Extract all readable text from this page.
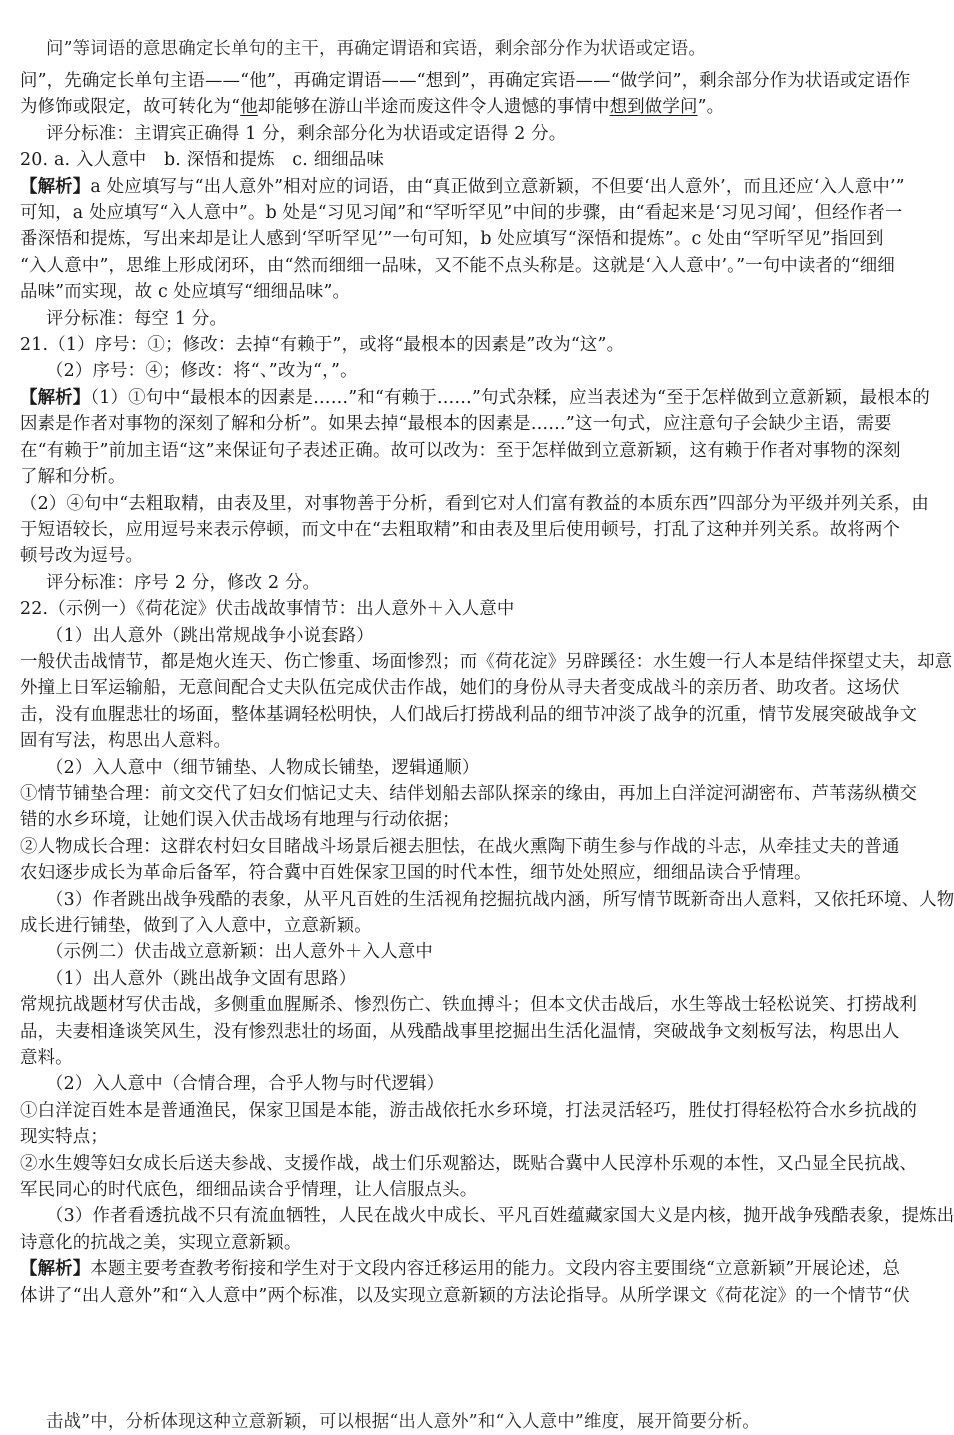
问”等词语的意思确定长单句的主干，再确定谓语和宾语，剩余部分作为状语或定语。
问”，先确定长单句主语——“他”，再确定谓语——“想到”，再确定宾语——“做学问”，剩余部分作为状语或定语作
为修饰或限定，故可转化为“他却能够在游山半途而废这件令人遗憾的事情中想到做学问”。
评分标准：主谓宾正确得 1 分，剩余部分化为状语或定语得 2 分。
20. a. 入人意中　b. 深悟和提炼　c. 细细品味
【解析】a 处应填写与“出人意外”相对应的词语，由“真正做到立意新颖，不但要‘出人意外’，而且还应‘入人意中’”
可知，a 处应填写“入人意中”。b 处是“习见习闻”和“罕听罕见”中间的步骤，由“看起来是‘习见习闻’，但经作者一
番深悟和提炼，写出来却是让人感到‘罕听罕见’”一句可知，b 处应填写“深悟和提炼”。c 处由“罕听罕见”指回到
“入人意中”，思维上形成闭环，由“然而细细一品味，又不能不点头称是。这就是‘入人意中’。”一句中读者的“细细
品味”而实现，故 c 处应填写“细细品味”。
评分标准：每空 1 分。
21.（1）序号：①；修改：去掉“有赖于”，或将“最根本的因素是”改为“这”。
（2）序号：④；修改：将“、”改为“，”。
【解析】（1）①句中“最根本的因素是……”和“有赖于……”句式杂糅，应当表述为“至于怎样做到立意新颖，最根本的
因素是作者对事物的深刻了解和分析”。如果去掉“最根本的因素是……”这一句式，应注意句子会缺少主语，需要
在“有赖于”前加主语“这”来保证句子表述正确。故可以改为：至于怎样做到立意新颖，这有赖于作者对事物的深刻
了解和分析。
（2）④句中“去粗取精，由表及里，对事物善于分析，看到它对人们富有教益的本质东西”四部分为平级并列关系，由
于短语较长，应用逗号来表示停顿，而文中在“去粗取精”和由表及里后使用顿号，打乱了这种并列关系。故将两个
顿号改为逗号。
评分标准：序号 2 分，修改 2 分。
22.（示例一）《荷花淀》伏击战故事情节：出人意外＋入人意中
（1）出人意外（跳出常规战争小说套路）
一般伏击战情节，都是炮火连天、伤亡惨重、场面惨烈；而《荷花淀》另辟蹊径：水生嫂一行人本是结伴探望丈夫，却意
外撞上日军运输船，无意间配合丈夫队伍完成伏击作战，她们的身份从寻夫者变成战斗的亲历者、助攻者。这场伏
击，没有血腥悲壮的场面，整体基调轻松明快，人们战后打捞战利品的细节冲淡了战争的沉重，情节发展突破战争文
固有写法，构思出人意料。
（2）入人意中（细节铺垫、人物成长铺垫，逻辑通顺）
①情节铺垫合理：前文交代了妇女们惦记丈夫、结伴划船去部队探亲的缘由，再加上白洋淀河湖密布、芦苇荡纵横交
错的水乡环境，让她们误入伏击战场有地理与行动依据；
②人物成长合理：这群农村妇女目睹战斗场景后褪去胆怯，在战火熏陶下萌生参与作战的斗志，从牵挂丈夫的普通
农妇逐步成长为革命后备军，符合冀中百姓保家卫国的时代本性，细节处处照应，细细品读合乎情理。
（3）作者跳出战争残酷的表象，从平凡百姓的生活视角挖掘抗战内涵，所写情节既新奇出人意料，又依托环境、人物
成长进行铺垫，做到了入人意中，立意新颖。
（示例二）伏击战立意新颖：出人意外＋入人意中
（1）出人意外（跳出战争文固有思路）
常规抗战题材写伏击战，多侧重血腥厮杀、惨烈伤亡、铁血搏斗；但本文伏击战后，水生等战士轻松说笑、打捞战利
品，夫妻相逢谈笑风生，没有惨烈悲壮的场面，从残酷战事里挖掘出生活化温情，突破战争文刻板写法，构思出人
意料。
（2）入人意中（合情合理，合乎人物与时代逻辑）
①白洋淀百姓本是普通渔民，保家卫国是本能，游击战依托水乡环境，打法灵活轻巧，胜仗打得轻松符合水乡抗战的
现实特点；
②水生嫂等妇女成长后送夫参战、支援作战，战士们乐观豁达，既贴合冀中人民淳朴乐观的本性，又凸显全民抗战、
军民同心的时代底色，细细品读合乎情理，让人信服点头。
（3）作者看透抗战不只有流血牺牲，人民在战火中成长、平凡百姓蕴藏家国大义是内核，抛开战争残酷表象，提炼出
诗意化的抗战之美，实现立意新颖。
【解析】本题主要考查教考衔接和学生对于文段内容迁移运用的能力。文段内容主要围绕“立意新颖”开展论述，总
体讲了“出人意外”和“入人意中”两个标准，以及实现立意新颖的方法论指导。从所学课文《荷花淀》的一个情节“伏
击战”中，分析体现这种立意新颖，可以根据“出人意外”和“入人意中”维度，展开简要分析。
